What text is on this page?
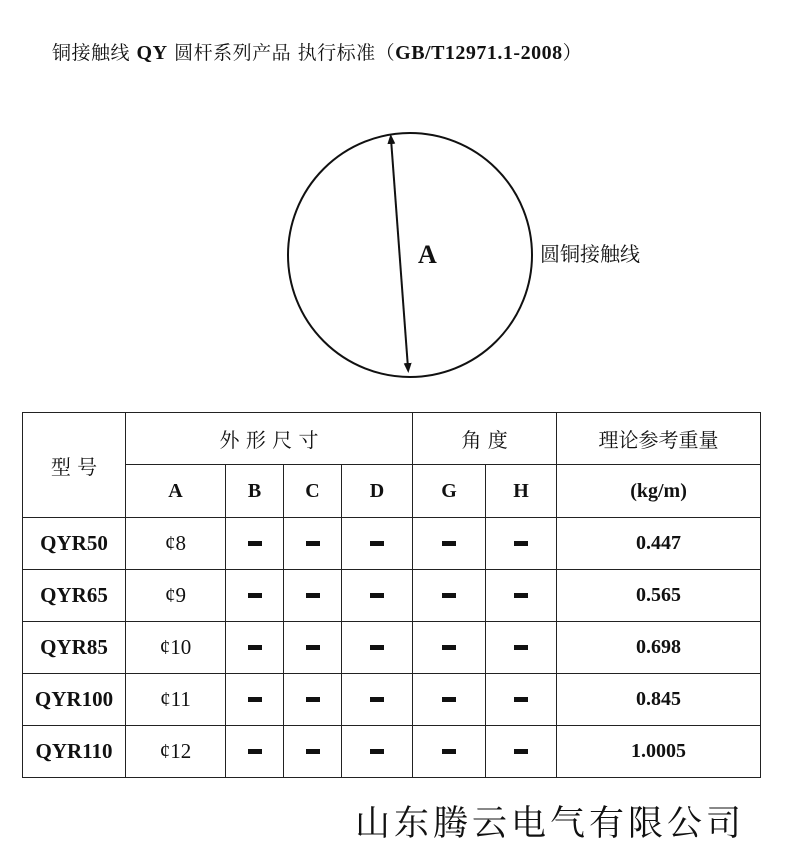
铜接触线 QY 圆杆系列产品 执行标准（GB/T12971.1-2008）
A	圆铜接触线
型 号	外 形 尺 寸				角 度		理论参考重量
	A	B	C	D	G	H	(kg/m)
QYR50	¢8						0.447
QYR65	¢9						0.565
QYR85	¢10						0.698
QYR100	¢11						0.845
QYR110	¢12						1.0005
山东腾云电气有限公司
